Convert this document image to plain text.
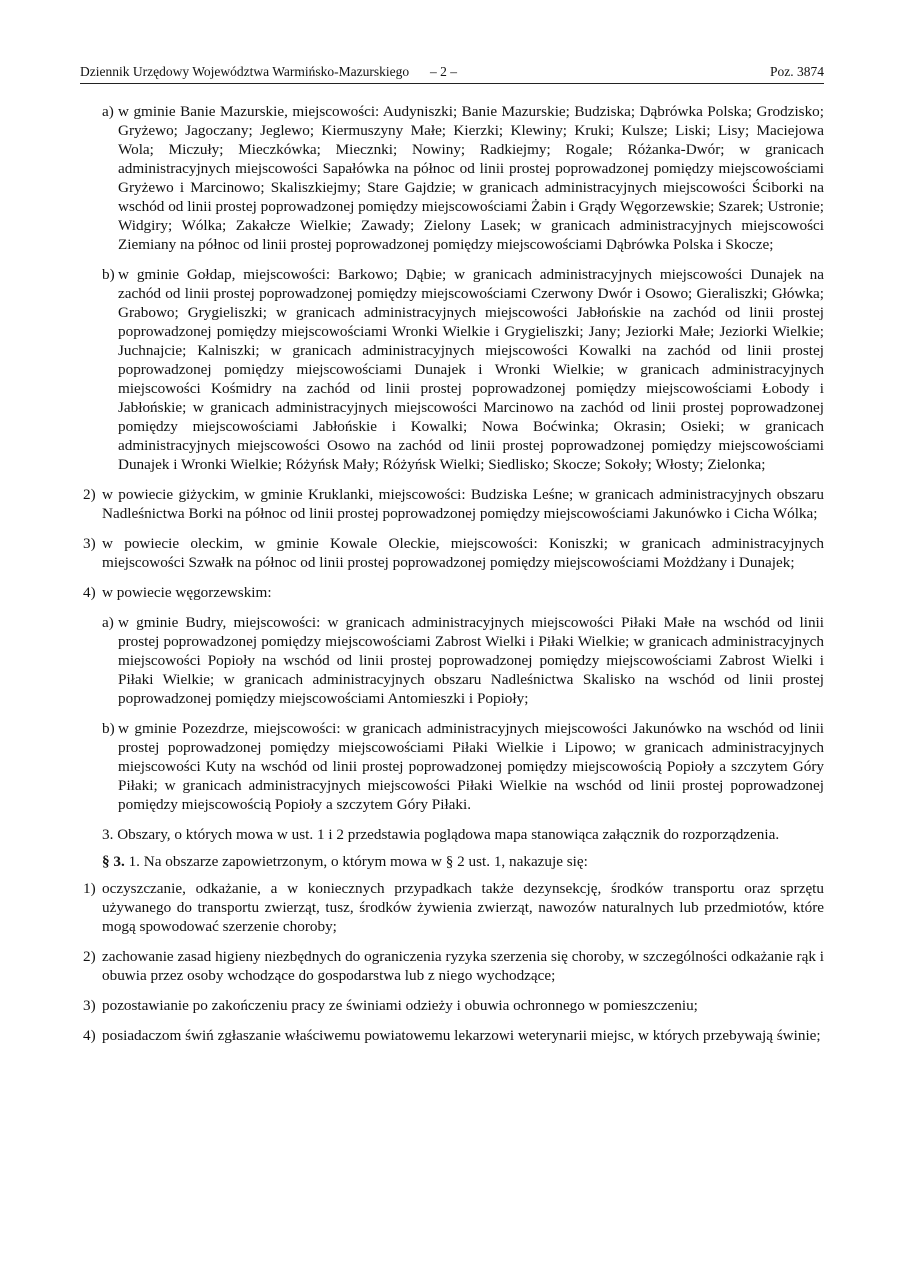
Dziennik Urzędowy Województwa Warmińsko-Mazurskiego – 2 –	Poz. 3874
a) w gminie Banie Mazurskie, miejscowości: Audyniszki; Banie Mazurskie; Budziska; Dąbrówka Polska; Grodzisko; Gryżewo; Jagoczany; Jeglewo; Kiermuszyny Małe; Kierzki; Klewiny; Kruki; Kulsze; Liski; Lisy; Maciejowa Wola; Miczuły; Mieczkówka; Miecznki; Nowiny; Radkiejmy; Rogale; Różanka-Dwór; w granicach administracyjnych miejscowości Sapałówka na północ od linii prostej poprowadzonej pomiędzy miejscowościami Gryżewo i Marcinowo; Skaliszkiejmy; Stare Gajdzie; w granicach administracyjnych miejscowości Ściborki na wschód od linii prostej poprowadzonej pomiędzy miejscowościami Żabin i Grądy Węgorzewskie; Szarek; Ustronie; Widgiry; Wólka; Zakałcze Wielkie; Zawady; Zielony Lasek; w granicach administracyjnych miejscowości Ziemiany na północ od linii prostej poprowadzonej pomiędzy miejscowościami Dąbrówka Polska i Skocze;
b) w gminie Gołdap, miejscowości: Barkowo; Dąbie; w granicach administracyjnych miejscowości Dunajek na zachód od linii prostej poprowadzonej pomiędzy miejscowościami Czerwony Dwór i Osowo; Gieraliszki; Główka; Grabowo; Grygieliszki; w granicach administracyjnych miejscowości Jabłońskie na zachód od linii prostej poprowadzonej pomiędzy miejscowościami Wronki Wielkie i Grygieliszki; Jany; Jeziorki Małe; Jeziorki Wielkie; Juchnajcie; Kalniszki; w granicach administracyjnych miejscowości Kowalki na zachód od linii prostej poprowadzonej pomiędzy miejscowościami Dunajek i Wronki Wielkie; w granicach administracyjnych miejscowości Kośmidry na zachód od linii prostej poprowadzonej pomiędzy miejscowościami Łobody i Jabłońskie; w granicach administracyjnych miejscowości Marcinowo na zachód od linii prostej poprowadzonej pomiędzy miejscowościami Jabłońskie i Kowalki; Nowa Boćwinka; Okrasin; Osieki; w granicach administracyjnych miejscowości Osowo na zachód od linii prostej poprowadzonej pomiędzy miejscowościami Dunajek i Wronki Wielkie; Różyńsk Mały; Różyńsk Wielki; Siedlisko; Skocze; Sokoły; Włosty; Zielonka;
2) w powiecie giżyckim, w gminie Kruklanki, miejscowości: Budziska Leśne; w granicach administracyjnych obszaru Nadleśnictwa Borki na północ od linii prostej poprowadzonej pomiędzy miejscowościami Jakunówko i Cicha Wólka;
3) w powiecie oleckim, w gminie Kowale Oleckie, miejscowości: Koniszki; w granicach administracyjnych miejscowości Szwałk na północ od linii prostej poprowadzonej pomiędzy miejscowościami Możdżany i Dunajek;
4) w powiecie węgorzewskim:
a) w gminie Budry, miejscowości: w granicach administracyjnych miejscowości Piłaki Małe na wschód od linii prostej poprowadzonej pomiędzy miejscowościami Zabrost Wielki i Piłaki Wielkie; w granicach administracyjnych miejscowości Popioły na wschód od linii prostej poprowadzonej pomiędzy miejscowościami Zabrost Wielki i Piłaki Wielkie; w granicach administracyjnych obszaru Nadleśnictwa Skalisko na wschód od linii prostej poprowadzonej pomiędzy miejscowościami Antomieszki i Popioły;
b) w gminie Pozezdrze, miejscowości: w granicach administracyjnych miejscowości Jakunówko na wschód od linii prostej poprowadzonej pomiędzy miejscowościami Piłaki Wielkie i Lipowo; w granicach administracyjnych miejscowości Kuty na wschód od linii prostej poprowadzonej pomiędzy miejscowością Popioły a szczytem Góry Piłaki; w granicach administracyjnych miejscowości Piłaki Wielkie na wschód od linii prostej poprowadzonej pomiędzy miejscowością Popioły a szczytem Góry Piłaki.
3. Obszary, o których mowa w ust. 1 i 2 przedstawia poglądowa mapa stanowiąca załącznik do rozporządzenia.
§ 3. 1. Na obszarze zapowietrzonym, o którym mowa w § 2 ust. 1, nakazuje się:
1) oczyszczanie, odkażanie, a w koniecznych przypadkach także dezynsekcję, środków transportu oraz sprzętu używanego do transportu zwierząt, tusz, środków żywienia zwierząt, nawozów naturalnych lub przedmiotów, które mogą spowodować szerzenie choroby;
2) zachowanie zasad higieny niezbędnych do ograniczenia ryzyka szerzenia się choroby, w szczególności odkażanie rąk i obuwia przez osoby wchodzące do gospodarstwa lub z niego wychodzące;
3) pozostawianie po zakończeniu pracy ze świniami odzieży i obuwia ochronnego w pomieszczeniu;
4) posiadaczom świń zgłaszanie właściwemu powiatowemu lekarzowi weterynarii miejsc, w których przebywają świnie;
